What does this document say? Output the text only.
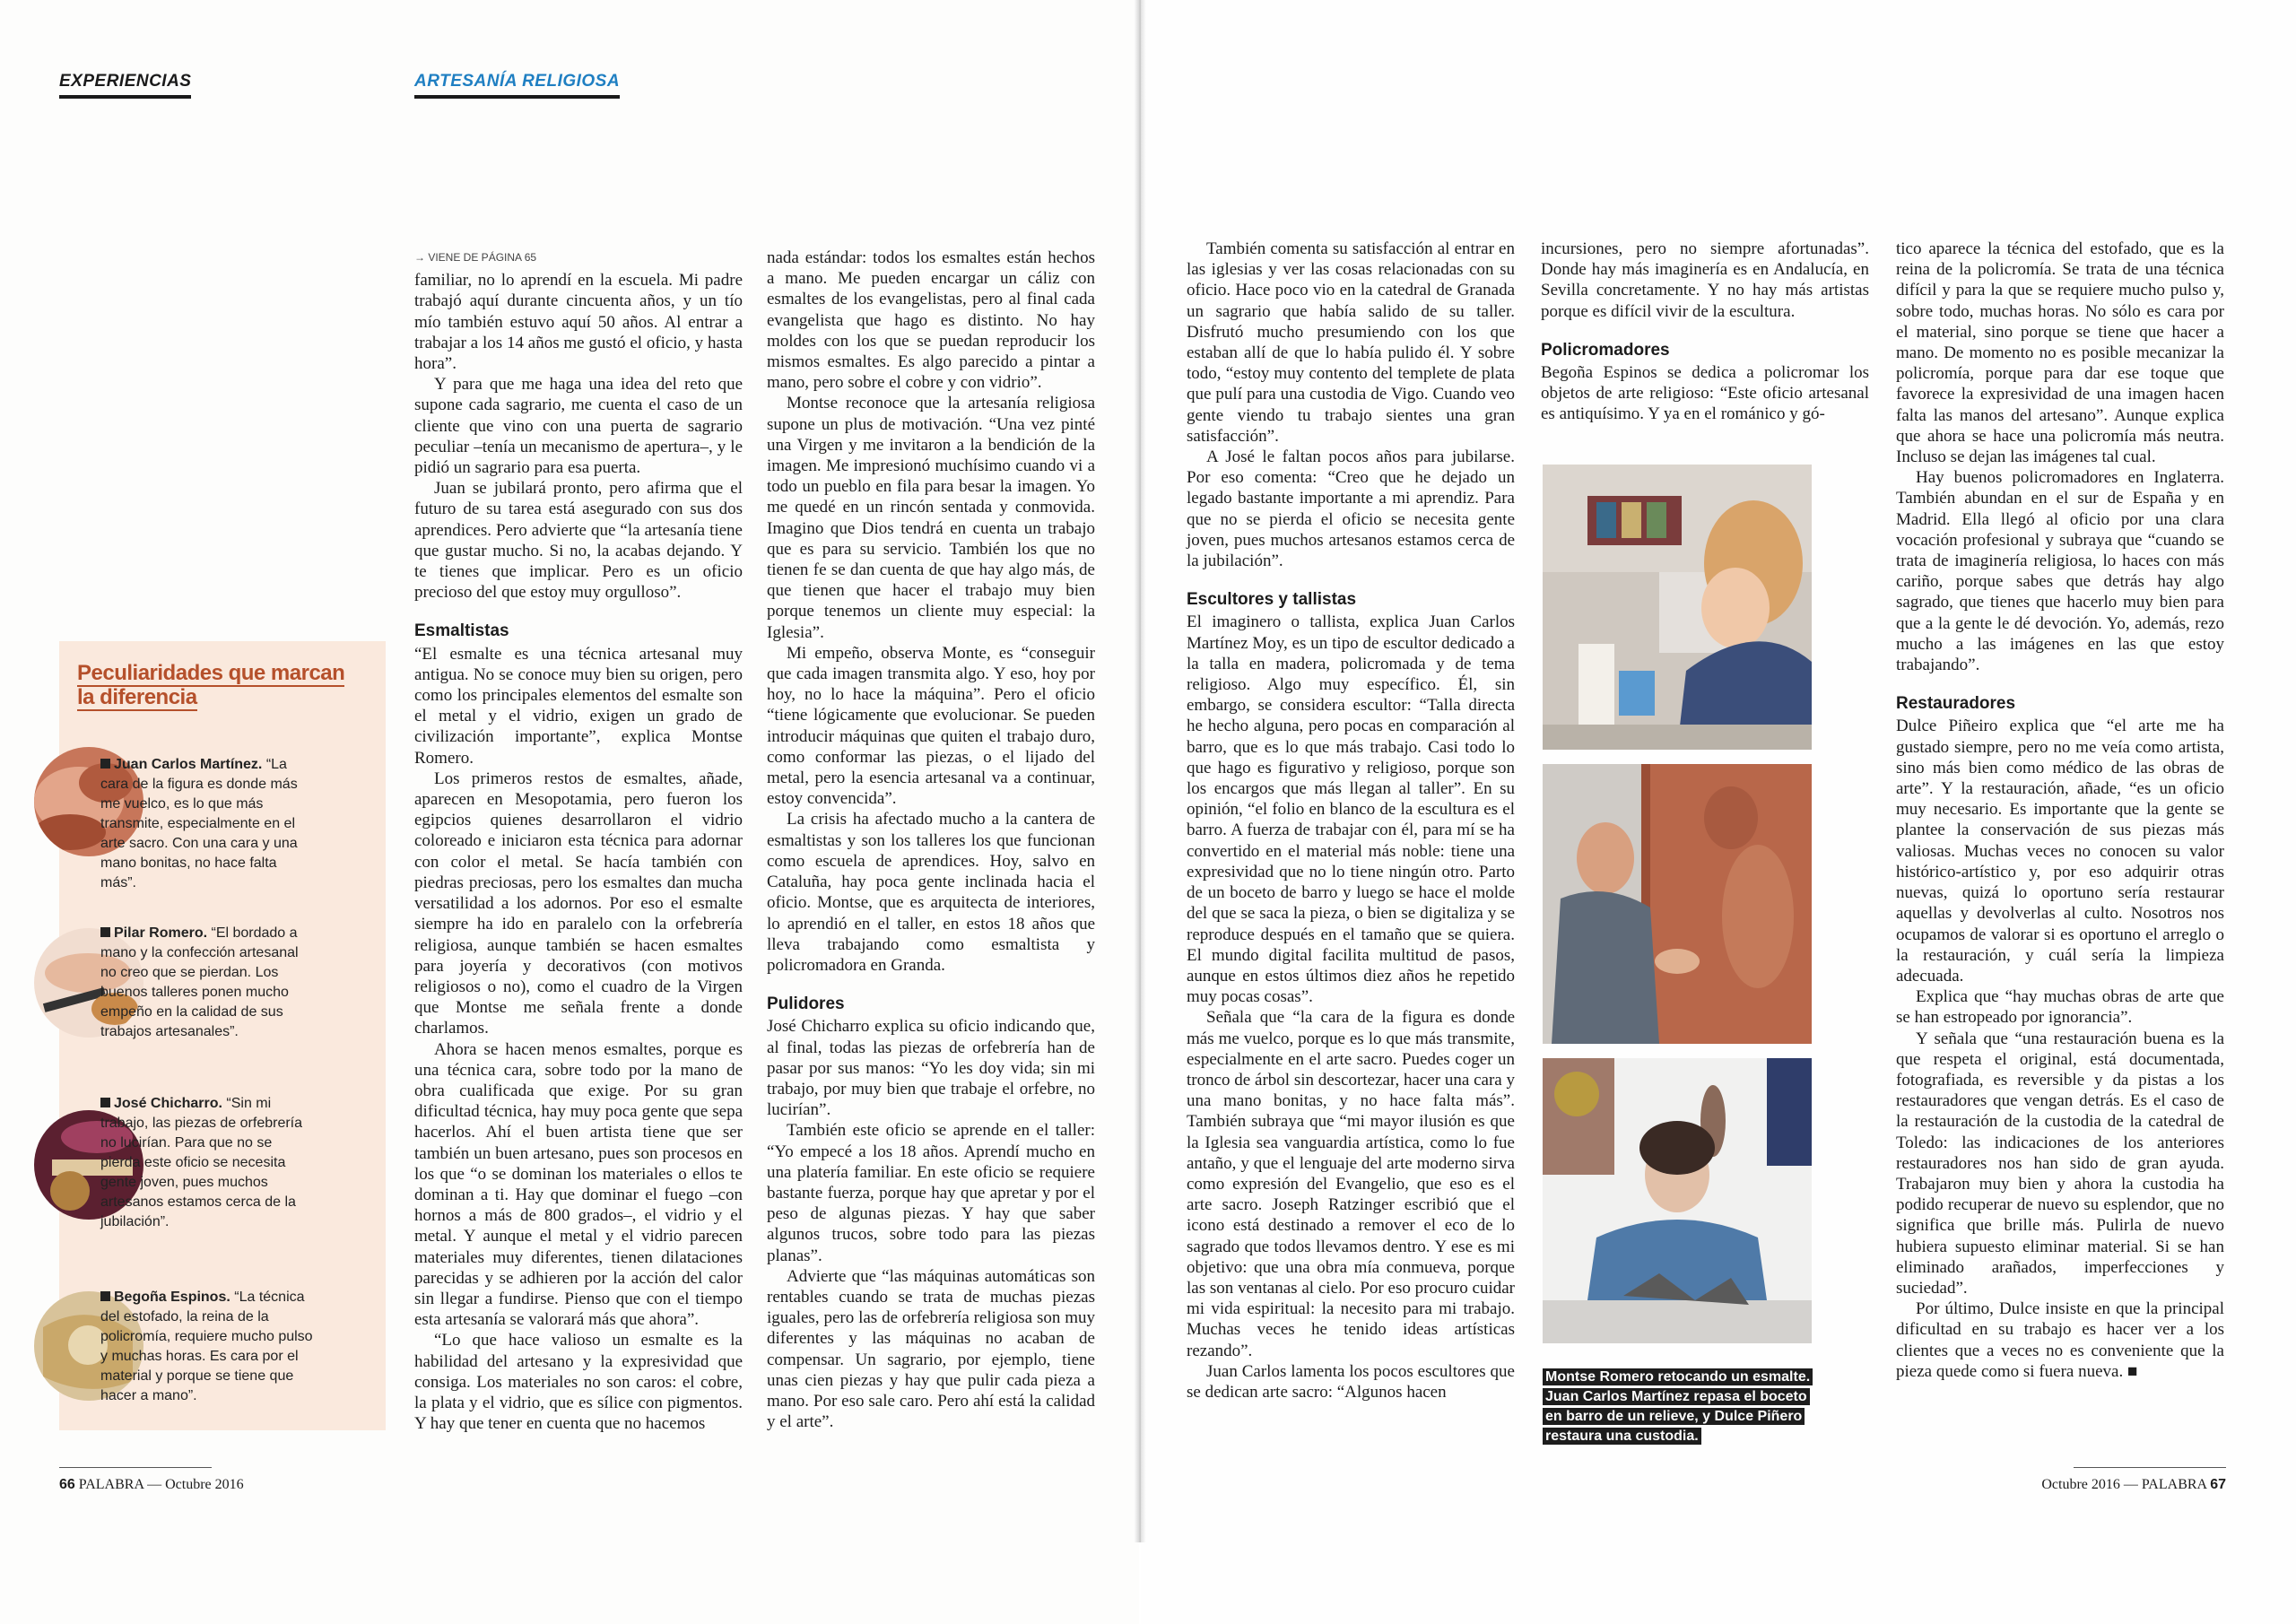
EXPERIENCIAS	ARTESANÍA RELIGIOSA
Peculiaridades que marcan
la diferencia
Juan Carlos Martínez. “La cara de la figura es donde más me vuelco, es lo que más transmite, especialmente en el arte sacro. Con una cara y una mano bonitas, no hace falta más”.
Pilar Romero. “El bordado a mano y la confección artesanal no creo que se pierdan. Los buenos talleres ponen mucho empeño en la calidad de sus trabajos artesanales”.
José Chicharro. “Sin mi trabajo, las piezas de orfebrería no lucirían. Para que no se pierda este oficio se necesita gente joven, pues muchos artesanos estamos cerca de la jubilación”.
Begoña Espinos. “La técnica del estofado, la reina de la policromía, requiere mucho pulso y muchas horas. Es cara por el material y porque se tiene que hacer a mano”.
→ VIENE DE PÁGINA 65

familiar, no lo aprendí en la escuela. Mi padre trabajó aquí durante cincuenta años, y un tío mío también estuvo aquí 50 años. Al entrar a trabajar a los 14 años me gustó el oficio, y hasta hora”.

Y para que me haga una idea del reto que supone cada sagrario, me cuenta el caso de un cliente que vino con una puerta de sagrario peculiar –tenía un mecanismo de apertura–, y le pidió un sagrario para esa puerta.

Juan se jubilará pronto, pero afirma que el futuro de su tarea está asegurado con sus dos aprendices. Pero advierte que “la artesanía tiene que gustar mucho. Si no, la acabas dejando. Y te tienes que implicar. Pero es un oficio precioso del que estoy muy orgulloso”.

Esmaltistas

“El esmalte es una técnica artesanal muy antigua. No se conoce muy bien su origen, pero como los principales elementos del esmalte son el metal y el vidrio, exigen un grado de civilización importante”, explica Montse Romero.

Los primeros restos de esmaltes, añade, aparecen en Mesopotamia, pero fueron los egipcios quienes desarrollaron el vidrio coloreado e iniciaron esta técnica para adornar con color el metal. Se hacía también con piedras preciosas, pero los esmaltes dan mucha versatilidad a los adornos. Por eso el esmalte siempre ha ido en paralelo con la orfebrería religiosa, aunque también se hacen esmaltes para joyería y decorativos (con motivos religiosos o no), como el cuadro de la Virgen que Montse me señala frente a donde charlamos.

Ahora se hacen menos esmaltes, porque es una técnica cara, sobre todo por la mano de obra cualificada que exige. Por su gran dificultad técnica, hay muy poca gente que sepa hacerlos. Ahí el buen artista tiene que ser también un buen artesano, pues son procesos en los que “o se dominan los materiales o ellos te dominan a ti. Hay que dominar el fuego –con hornos a más de 800 grados–, el vidrio y el metal. Y aunque el metal y el vidrio parecen materiales muy diferentes, tienen dilataciones parecidas y se adhieren por la acción del calor sin llegar a fundirse. Pienso que con el tiempo esta artesanía se valorará más que ahora”.

“Lo que hace valioso un esmalte es la habilidad del artesano y la expresividad que consiga. Los materiales no son caros: el cobre, la plata y el vidrio, que es sílice con pigmentos. Y hay que tener en cuenta que no hacemos

nada estándar: todos los esmaltes están hechos a mano. Me pueden encargar un cáliz con esmaltes de los evangelistas, pero al final cada evangelista que hago es distinto. No hay moldes con los que se puedan reproducir los mismos esmaltes. Es algo parecido a pintar a mano, pero sobre el cobre y con vidrio”.

Montse reconoce que la artesanía religiosa supone un plus de motivación. “Una vez pinté una Virgen y me invitaron a la bendición de la imagen. Me impresionó muchísimo cuando vi a todo un pueblo en fila para besar la imagen. Yo me quedé en un rincón sentada y conmovida. Imagino que Dios tendrá en cuenta un trabajo que es para su servicio. También los que no tienen fe se dan cuenta de que hay algo más, de que tienen que hacer el trabajo muy bien porque tenemos un cliente muy especial: la Iglesia”.

Mi empeño, observa Monte, es “conseguir que cada imagen transmita algo. Y eso, hoy por hoy, no lo hace la máquina”. Pero el oficio “tiene lógicamente que evolucionar. Se pueden introducir máquinas que quiten el trabajo duro, como conformar las piezas, o el lijado del metal, pero la esencia artesanal va a continuar, estoy convencida”.

La crisis ha afectado mucho a la cantera de esmaltistas y son los talleres los que funcionan como escuela de aprendices. Hoy, salvo en Cataluña, hay poca gente inclinada hacia el oficio. Montse, que es arquitecta de interiores, lo aprendió en el taller, en estos 18 años que lleva trabajando como esmaltista y policromadora en Granda.

Pulidores

José Chicharro explica su oficio indicando que, al final, todas las piezas de orfebrería han de pasar por sus manos: “Yo les doy vida; sin mi trabajo, por muy bien que trabaje el orfebre, no lucirían”.

También este oficio se aprende en el taller: “Yo empecé a los 18 años. Aprendí mucho en una platería familiar. En este oficio se requiere bastante fuerza, porque hay que apretar y por el peso de algunas piezas. Y hay que saber algunos trucos, sobre todo para las piezas planas”.

Advierte que “las máquinas automáticas son rentables cuando se trata de muchas piezas iguales, pero las de orfebrería religiosa son muy diferentes y las máquinas no acaban de compensar. Un sagrario, por ejemplo, tiene unas cien piezas y hay que pulir cada pieza a mano. Por eso sale caro. Pero ahí está la calidad y el arte”.

También comenta su satisfacción al entrar en las iglesias y ver las cosas relacionadas con su oficio. Hace poco vio en la catedral de Granada un sagrario que había salido de su taller. Disfrutó mucho presumiendo con los que estaban allí de que lo había pulido él. Y sobre todo, “estoy muy contento del templete de plata que pulí para una custodia de Vigo. Cuando veo gente viendo tu trabajo sientes una gran satisfacción”.

A José le faltan pocos años para jubilarse. Por eso comenta: “Creo que he dejado un legado bastante importante a mi aprendiz. Para que no se pierda el oficio se necesita gente joven, pues muchos artesanos estamos cerca de la jubilación”.

Escultores y tallistas

El imaginero o tallista, explica Juan Carlos Martínez Moy, es un tipo de escultor dedicado a la talla en madera, policromada y de tema religioso. Algo muy específico. Él, sin embargo, se considera escultor: “Talla directa he hecho alguna, pero pocas en comparación al barro, que es lo que más trabajo. Casi todo lo que hago es figurativo y religioso, porque son los encargos que más llegan al taller”. En su opinión, “el folio en blanco de la escultura es el barro. A fuerza de trabajar con él, para mí se ha convertido en el material más noble: tiene una expresividad que no lo tiene ningún otro. Parto de un boceto de barro y luego se hace el molde del que se saca la pieza, o bien se digitaliza y se reproduce después en el tamaño que se quiera. El mundo digital facilita multitud de pasos, aunque en estos últimos diez años he repetido muy pocas cosas”.

Señala que “la cara de la figura es donde más me vuelco, porque es lo que más transmite, especialmente en el arte sacro. Puedes coger un tronco de árbol sin descortezar, hacer una cara y una mano bonitas, y no hace falta más”. También subraya que “mi mayor ilusión es que la Iglesia sea vanguardia artística, como lo fue antaño, y que el lenguaje del arte moderno sirva como expresión del Evangelio, que eso es el arte sacro. Joseph Ratzinger escribió que el icono está destinado a remover el eco de lo sagrado que todos llevamos dentro. Y ese es mi objetivo: que una obra mía conmueva, porque las son ventanas al cielo. Por eso procuro cuidar mi vida espiritual: la necesito para mi trabajo. Muchas veces he tenido ideas artísticas rezando”.

Juan Carlos lamenta los pocos escultores que se dedican arte sacro: “Algunos hacen

incursiones, pero no siempre afortunadas”. Donde hay más imaginería es en Andalucía, en Sevilla concretamente. Y no hay más artistas porque es difícil vivir de la escultura.

Policromadores

Begoña Espinos se dedica a policromar los objetos de arte religioso: “Este oficio artesanal es antiquísimo. Y ya en el románico y gó-

tico aparece la técnica del estofado, que es la reina de la policromía. Se trata de una técnica difícil y para la que se requiere mucho pulso y, sobre todo, muchas horas. No sólo es cara por el material, sino porque se tiene que hacer a mano. De momento no es posible mecanizar la policromía, porque para dar ese toque que favorece la expresividad de una imagen hacen falta las manos del artesano”. Aunque explica que ahora se hace una policromía más neutra. Incluso se dejan las imágenes tal cual.

Hay buenos policromadores en Inglaterra. También abundan en el sur de España y en Madrid. Ella llegó al oficio por una clara vocación profesional y subraya que “cuando se trata de imaginería religiosa, lo haces con más cariño, porque sabes que detrás hay algo sagrado, que tienes que hacerlo muy bien para que a la gente le dé devoción. Yo, además, rezo mucho a las imágenes en las que estoy trabajando”.

Restauradores

Dulce Piñeiro explica que “el arte me ha gustado siempre, pero no me veía como artista, sino más bien como médico de las obras de arte”. Y la restauración, añade, “es un oficio muy necesario. Es importante que la gente se plantee la conservación de sus piezas más valiosas. Muchas veces no conocen su valor histórico-artístico y, por eso adquirir otras nuevas, quizá lo oportuno sería restaurar aquellas y devolverlas al culto. Nosotros nos ocupamos de valorar si es oportuno el arreglo o la restauración, y cuál sería la limpieza adecuada.

Explica que “hay muchas obras de arte que se han estropeado por ignorancia”.

Y señala que “una restauración buena es la que respeta el original, está documentada, fotografiada, es reversible y da pistas a los restauradores que vengan detrás. Es el caso de la restauración de la custodia de la catedral de Toledo: las indicaciones de los anteriores restauradores nos han sido de gran ayuda. Trabajaron muy bien y ahora la custodia ha podido recuperar de nuevo su esplendor, que no significa que brille más. Pulirla de nuevo hubiera supuesto eliminar material. Si se han eliminado arañados, imperfecciones y suciedad”.

Por último, Dulce insiste en que la principal dificultad en su trabajo es hacer ver a los clientes que a veces no es conveniente que la pieza quede como si fuera nueva. ■

Montse Romero retocando un esmalte. Juan Carlos Martínez repasa el boceto en barro de un relieve, y Dulce Piñero restaura una custodia.
66 PALABRA — Octubre 2016	Octubre 2016 — PALABRA 67
